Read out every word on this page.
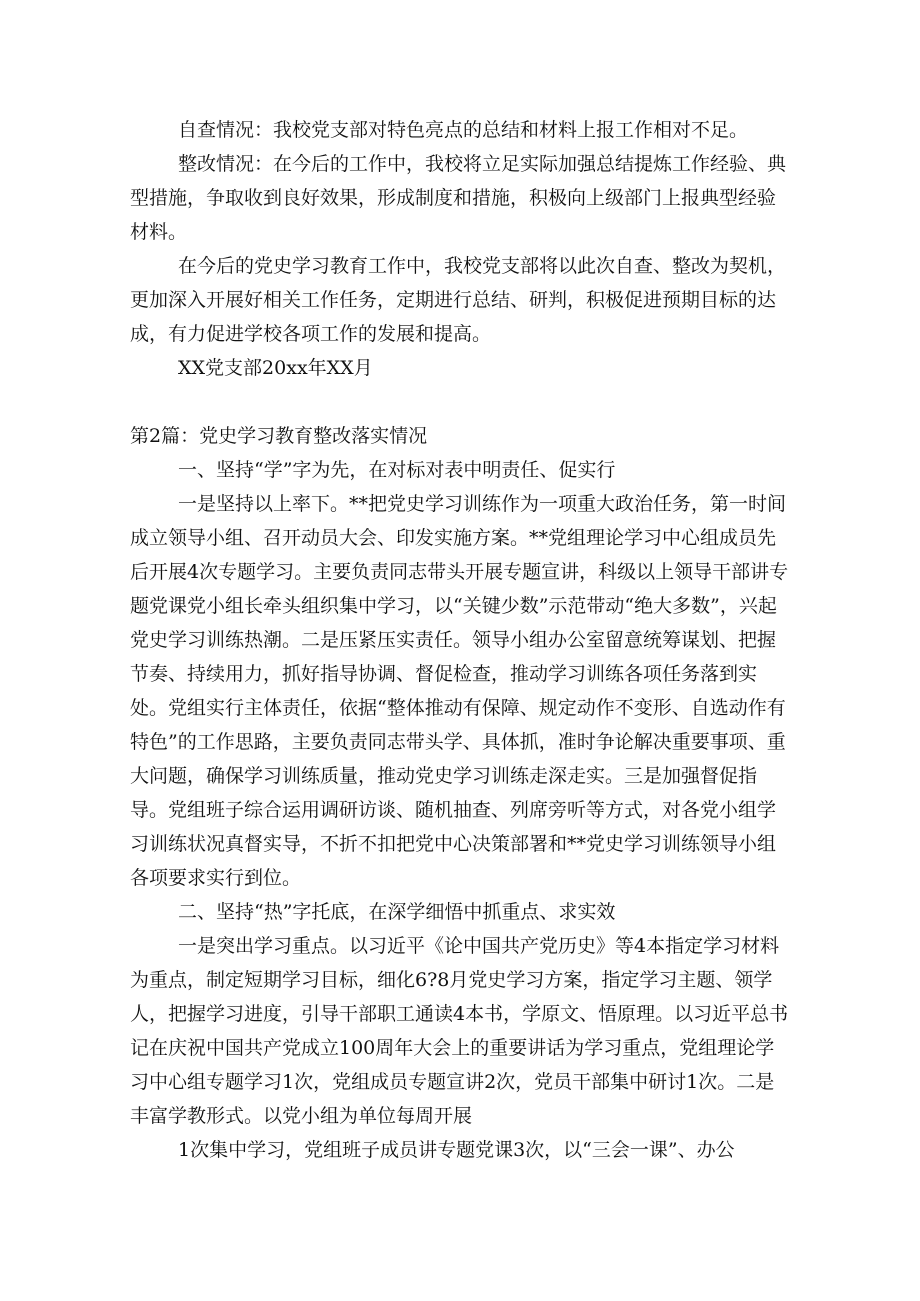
自查情况：我校党支部对特色亮点的总结和材料上报工作相对不足。

整改情况：在今后的工作中，我校将立足实际加强总结提炼工作经验、典型措施，争取收到良好效果，形成制度和措施，积极向上级部门上报典型经验材料。

在今后的党史学习教育工作中，我校党支部将以此次自查、整改为契机，更加深入开展好相关工作任务，定期进行总结、研判，积极促进预期目标的达成，有力促进学校各项工作的发展和提高。

XX党支部20xx年XX月

第2篇：党史学习教育整改落实情况

一、坚持“学”字为先，在对标对表中明责任、促实行

一是坚持以上率下。**把党史学习训练作为一项重大政治任务，第一时间成立领导小组、召开动员大会、印发实施方案。**党组理论学习中心组成员先后开展4次专题学习。主要负责同志带头开展专题宣讲，科级以上领导干部讲专题党课党小组长牵头组织集中学习，以“关键少数”示范带动“绝大多数”，兴起党史学习训练热潮。二是压紧压实责任。领导小组办公室留意统筹谋划、把握节奏、持续用力，抓好指导协调、督促检查，推动学习训练各项任务落到实处。党组实行主体责任，依据“整体推动有保障、规定动作不变形、自选动作有特色”的工作思路，主要负责同志带头学、具体抓，准时争论解决重要事项、重大问题，确保学习训练质量，推动党史学习训练走深走实。三是加强督促指导。党组班子综合运用调研访谈、随机抽查、列席旁听等方式，对各党小组学习训练状况真督实导，不折不扣把党中心决策部署和**党史学习训练领导小组各项要求实行到位。

二、坚持“热”字托底，在深学细悟中抓重点、求实效

一是突出学习重点。以习近平《论中国共产党历史》等4本指定学习材料为重点，制定短期学习目标，细化6?8月党史学习方案，指定学习主题、领学人，把握学习进度，引导干部职工通读4本书，学原文、悟原理。以习近平总书记在庆祝中国共产党成立100周年大会上的重要讲话为学习重点，党组理论学习中心组专题学习1次，党组成员专题宣讲2次，党员干部集中研讨1次。二是丰富学教形式。以党小组为单位每周开展

1次集中学习，党组班子成员讲专题党课3次，以“三会一课”、办公
